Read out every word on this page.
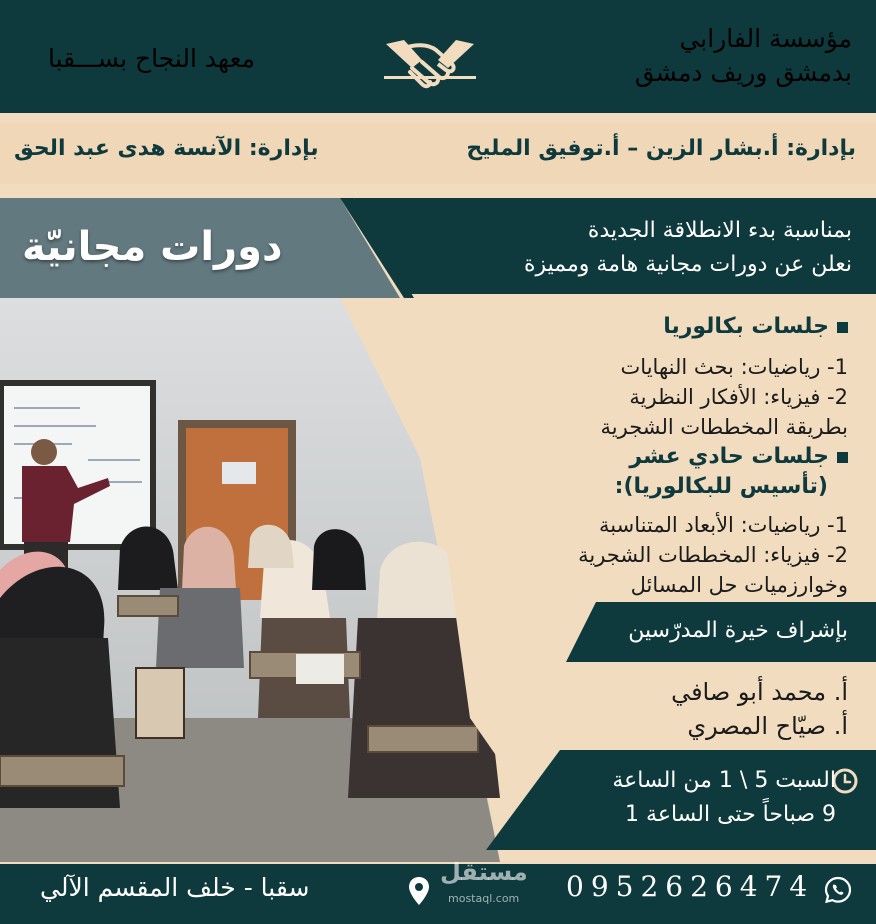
مؤسسة الفارابي
بدمشق وريف دمشق
معهد النجاح بســـقبا
بإدارة: أ.بشار الزين – أ.توفيق المليح
بإدارة: الآنسة هدى عبد الحق
دورات مجانيّة	بمناسبة بدء الانطلاقة الجديدة
نعلن عن دورات مجانية هامة ومميزة
جلسات بكالوريا
1- رياضيات: بحث النهايات
2- فيزياء: الأفكار النظرية
بطريقة المخططات الشجرية
جلسات حادي عشر
(تأسيس للبكالوريا):
1- رياضيات: الأبعاد المتناسبة
2- فيزياء: المخططات الشجرية
وخوارزميات حل المسائل
بإشراف خيرة المدرّسين
أ. محمد أبو صافي
أ. صيّاح المصري
السبت 5 \ 1 من الساعة
9 صباحاً حتى الساعة 1
سقبا - خلف المقسم الآلي
مستقل
mostaql.com 0952626474
